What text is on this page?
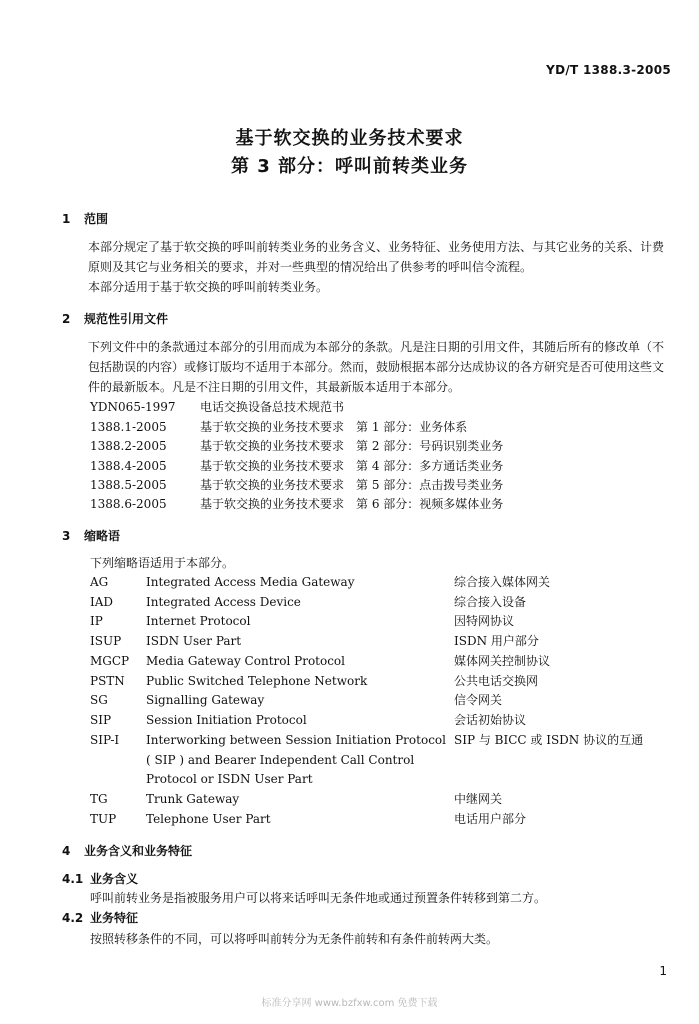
YD/T 1388.3-2005
基于软交换的业务技术要求
第 3 部分：呼叫前转类业务
1 范围
本部分规定了基于软交换的呼叫前转类业务的业务含义、业务特征、业务使用方法、与其它业务的关系、计费原则及其它与业务相关的要求，并对一些典型的情况给出了供参考的呼叫信令流程。
本部分适用于基于软交换的呼叫前转类业务。
2 规范性引用文件
下列文件中的条款通过本部分的引用而成为本部分的条款。凡是注日期的引用文件，其随后所有的修改单（不包括勘误的内容）或修订版均不适用于本部分。然而，鼓励根据本部分达成协议的各方研究是否可使用这些文件的最新版本。凡是不注日期的引用文件，其最新版本适用于本部分。
YDN065-1997	电话交换设备总技术规范书
1388.1-2005	基于软交换的业务技术要求　第 1 部分：业务体系
1388.2-2005	基于软交换的业务技术要求　第 2 部分：号码识别类业务
1388.4-2005	基于软交换的业务技术要求　第 4 部分：多方通话类业务
1388.5-2005	基于软交换的业务技术要求　第 5 部分：点击拨号类业务
1388.6-2005	基于软交换的业务技术要求　第 6 部分：视频多媒体业务
3 缩略语
下列缩略语适用于本部分。
AG	Integrated Access Media Gateway	综合接入媒体网关
IAD	Integrated Access Device	综合接入设备
IP	Internet Protocol	因特网协议
ISUP ISDN User Part	ISDN 用户部分
MGCP Media Gateway Control Protocol	媒体网关控制协议
PSTN Public Switched Telephone Network	公共电话交换网
SG	Signalling Gateway	信令网关
SIP	Session Initiation Protocol	会话初始协议
SIP-I Interworking between Session Initiation Protocol SIP 与 BICC 或 ISDN 协议的互通
( SIP ) and Bearer Independent Call Control
Protocol or ISDN User Part
TG	Trunk Gateway	中继网关
TUP Telephone User Part	电话用户部分
4 业务含义和业务特征
4.1 业务含义
呼叫前转业务是指被服务用户可以将来话呼叫无条件地或通过预置条件转移到第二方。
4.2 业务特征
按照转移条件的不同，可以将呼叫前转分为无条件前转和有条件前转两大类。
1
标准分享网 www.bzfxw.com 免费下载
